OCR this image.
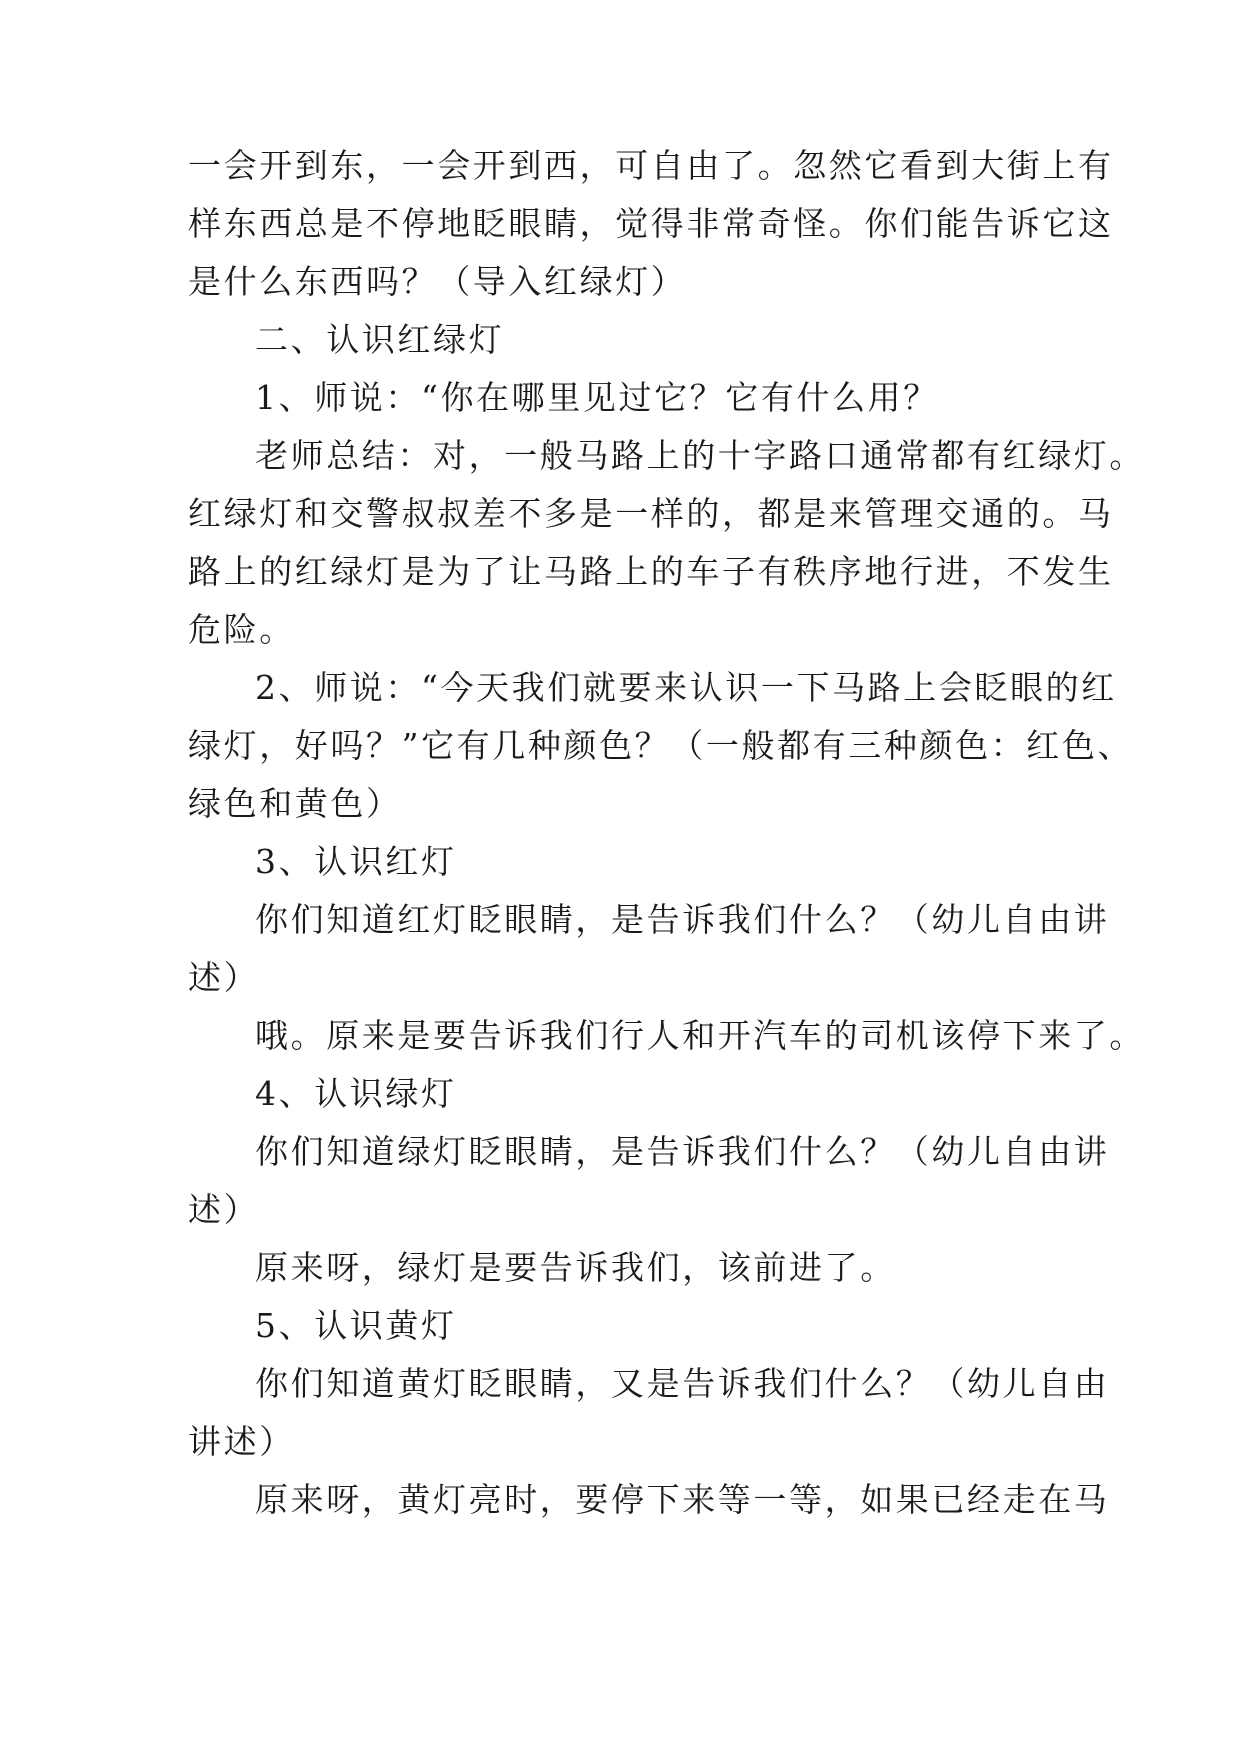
一会开到东，一会开到西，可自由了。忽然它看到大街上有
样东西总是不停地眨眼睛，觉得非常奇怪。你们能告诉它这
是什么东西吗？（导入红绿灯）
二、认识红绿灯
1、师说：“你在哪里见过它？它有什么用？
老师总结：对，一般马路上的十字路口通常都有红绿灯。
红绿灯和交警叔叔差不多是一样的，都是来管理交通的。马
路上的红绿灯是为了让马路上的车子有秩序地行进，不发生
危险。
2、师说：“今天我们就要来认识一下马路上会眨眼的红
绿灯，好吗？”它有几种颜色？（一般都有三种颜色：红色、
绿色和黄色）
3、认识红灯
你们知道红灯眨眼睛，是告诉我们什么？（幼儿自由讲
述）
哦。原来是要告诉我们行人和开汽车的司机该停下来了。
4、认识绿灯
你们知道绿灯眨眼睛，是告诉我们什么？（幼儿自由讲
述）
原来呀，绿灯是要告诉我们，该前进了。
5、认识黄灯
你们知道黄灯眨眼睛，又是告诉我们什么？（幼儿自由
讲述）
原来呀，黄灯亮时，要停下来等一等，如果已经走在马
